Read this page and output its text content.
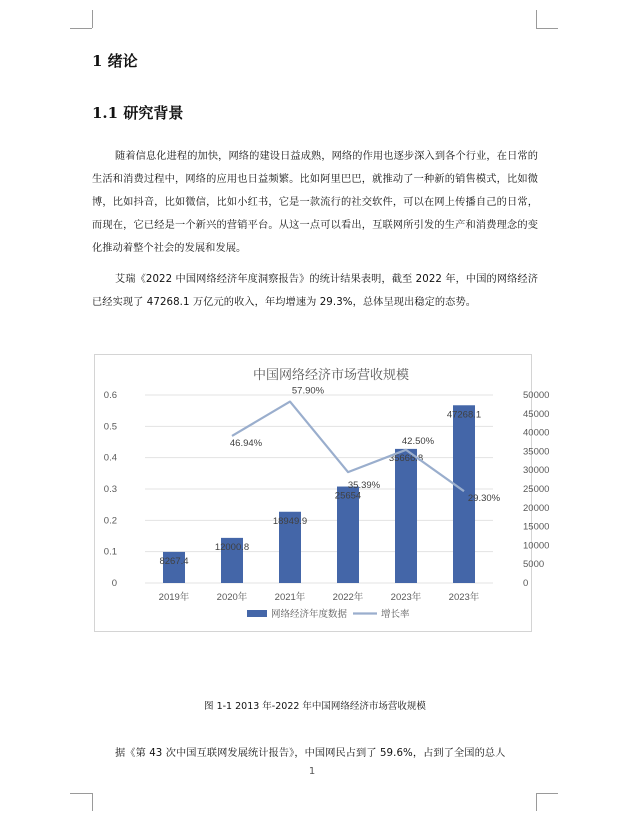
1 绪论
1.1 研究背景
随着信息化进程的加快，网络的建设日益成熟，网络的作用也逐步深入到各个行业，在日常的生活和消费过程中，网络的应用也日益频繁。比如阿里巴巴，就推动了一种新的销售模式，比如微博，比如抖音，比如微信，比如小红书，它是一款流行的社交软件，可以在网上传播自己的日常，而现在，它已经是一个新兴的营销平台。从这一点可以看出，互联网所引发的生产和消费理念的变化推动着整个社会的发展和发展。
艾瑞《2022 中国网络经济年度洞察报告》的统计结果表明，截至 2022 年，中国的网络经济已经实现了 47268.1 万亿元的收入，年均增速为 29.3%，总体呈现出稳定的态势。
中国网络经济市场营收规模
0
0.1
0.2
0.3
0.4
0.5
0.6
0
5000
10000
15000
20000
25000
30000
35000
40000
45000
50000
8267.4
12000.8
18949.9
25654
35666.8
47268.1
46.94%
57.90%
35.39%
42.50%
29.30%
2019年	2020年	2021年	2022年	2023年	2023年
网络经济年度数据	增长率
图 1-1 2013 年-2022 年中国网络经济市场营收规模
据《第 43 次中国互联网发展统计报告》，中国网民占到了 59.6%，占到了全国的总人
1
